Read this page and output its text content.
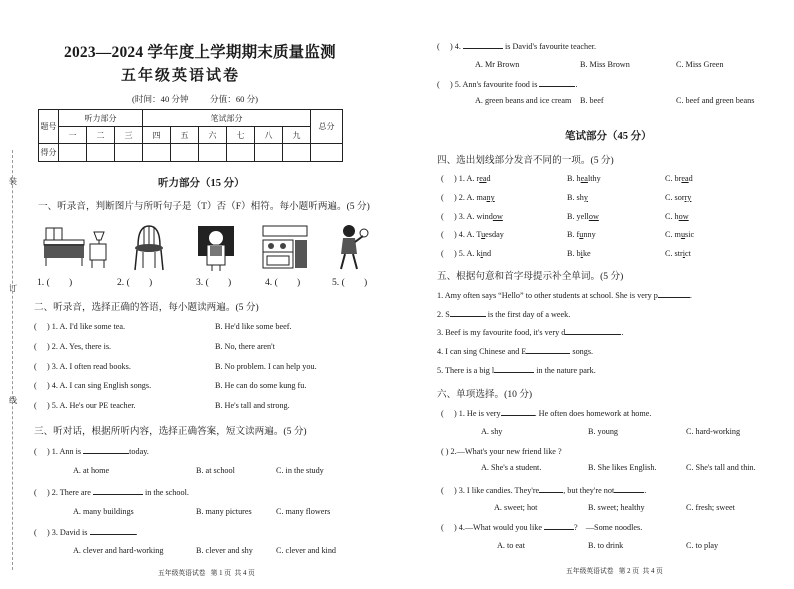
装
订
线
2023—2024 学年度上学期期末质量监测
五年级英语试卷
(时间：40 分钟          分值：60 分)
题号	听力部分			笔试部分						总分
	一	二	三	四	五	六	七	八	九	
得分										
听力部分（15 分）
一、听录音，判断图片与所听句子是（T）否（F）相符。每小题听两遍。(5 分)
1. (        )	2. (        )	3. (        )	4. (        )	5. (        )
二、听录音，选择正确的答语，每小题读两遍。(5 分)
(     ) 1. A. I'd like some tea.	B. He'd like some beef.
(     ) 2. A. Yes, there is.	B. No, there aren't
(     ) 3. A. I often read books.	B. No problem. I can help you.
(     ) 4. A. I can sing English songs.	B. He can do some kung fu.
(     ) 5. A. He's our PE teacher.	B. He's tall and strong.
三、听对话，根据所听内容，选择正确答案，短文读两遍。(5 分)
(     ) 1. Ann is	today.
A. at home	B. at school	C. in the study
(     ) 2. There are	in the school.
A. many buildings	B. many pictures	C. many flowers
(     ) 3. David is	.
A. clever and hard-working	B. clever and shy	C. clever and kind
五年级英语试卷   第 1 页  共 4 页
(     ) 4.	is David's favourite teacher.
A. Mr Brown	B. Miss Brown	C. Miss Green
(     ) 5. Ann's favourite food is	.
A. green beans and ice cream B. beef	C. beef and green beans
笔试部分（45 分）
四、选出划线部分发音不同的一项。(5 分)
(     ) 1. A. read	B. healthy	C. bread
(     ) 2. A. many	B. shy	C. sorry
(     ) 3. A. window	B. yellow	C. how
(     ) 4. A. Tuesday	B. funny	C. music
(     ) 5. A. kind	B. bike	C. strict
五、根据句意和首字母提示补全单词。(5 分)
1. Amy often says “Hello” to other students at school. She is very p	.
2. S	is the first day of a week.
3. Beef is my favourite food, it's very d	.
4. I can sing Chinese and E	songs.
5. There is a big l	in the nature park.
六、单项选择。(10 分)
(     ) 1. He is very	. He often does homework at home.
A. shy	B. young	C. hard-working
( ) 2.—What's your new friend like ?
A. She's a student.	B. She likes English.	C. She's tall and thin.
(     ) 3. I like candies. They're	, but they're not	.
A. sweet; hot	B. sweet; healthy	C. fresh; sweet
(     ) 4.—What would you like	?    —Some noodles.
A. to eat	B. to drink	C. to play
五年级英语试卷   第 2 页  共 4 页
